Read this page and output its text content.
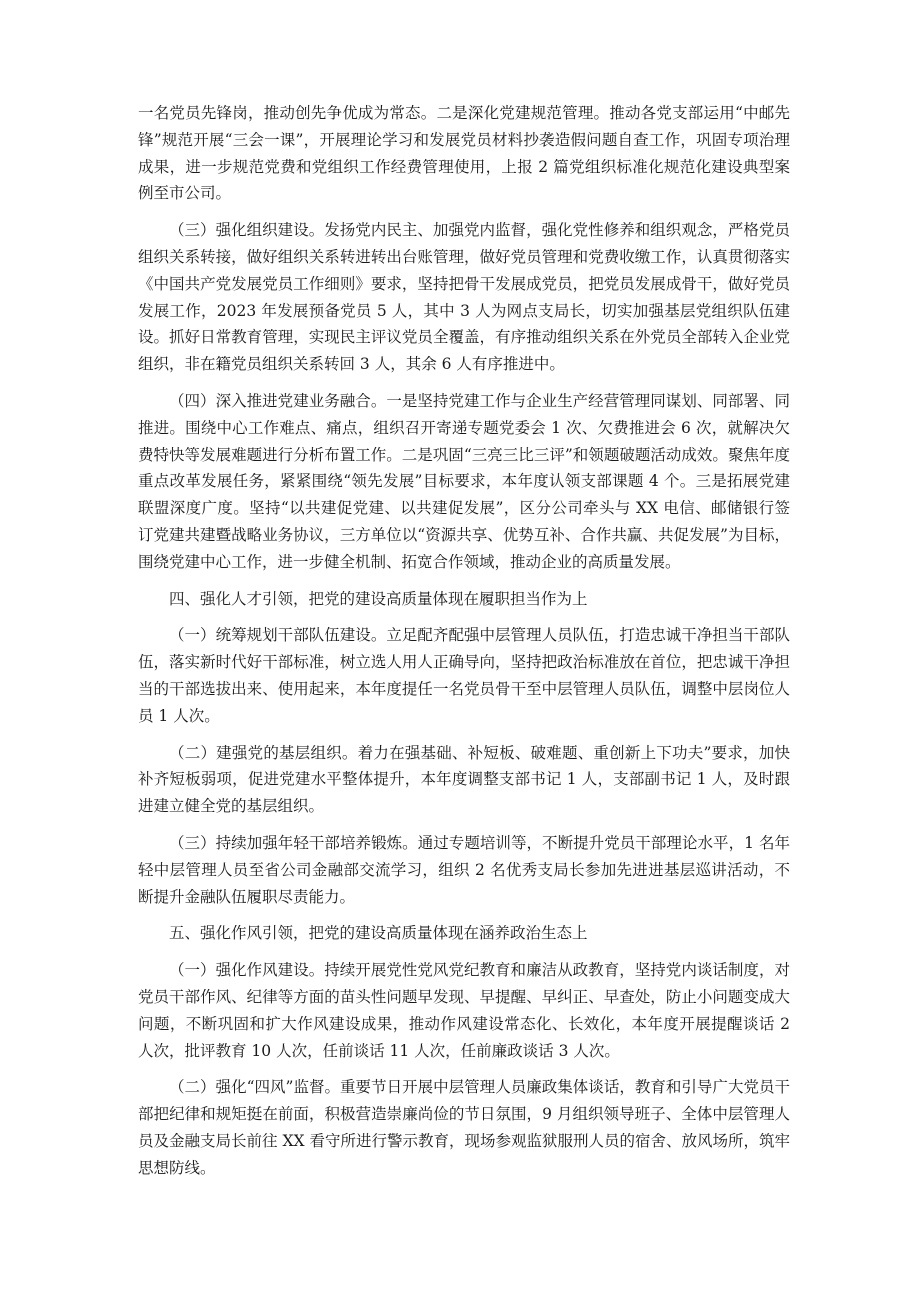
一名党员先锋岗，推动创先争优成为常态。二是深化党建规范管理。推动各党支部运用“中邮先锋”规范开展“三会一课”，开展理论学习和发展党员材料抄袭造假问题自查工作，巩固专项治理成果，进一步规范党费和党组织工作经费管理使用，上报 2 篇党组织标准化规范化建设典型案例至市公司。

（三）强化组织建设。发扬党内民主、加强党内监督，强化党性修养和组织观念，严格党员组织关系转接，做好组织关系转进转出台账管理，做好党员管理和党费收缴工作，认真贯彻落实《中国共产党发展党员工作细则》要求，坚持把骨干发展成党员，把党员发展成骨干，做好党员发展工作，2023 年发展预备党员 5 人，其中 3 人为网点支局长，切实加强基层党组织队伍建设。抓好日常教育管理，实现民主评议党员全覆盖，有序推动组织关系在外党员全部转入企业党组织，非在籍党员组织关系转回 3 人，其余 6 人有序推进中。

（四）深入推进党建业务融合。一是坚持党建工作与企业生产经营管理同谋划、同部署、同推进。围绕中心工作难点、痛点，组织召开寄递专题党委会 1 次、欠费推进会 6 次，就解决欠费特快等发展难题进行分析布置工作。二是巩固“三亮三比三评”和领题破题活动成效。聚焦年度重点改革发展任务，紧紧围绕“领先发展”目标要求，本年度认领支部课题 4 个。三是拓展党建联盟深度广度。坚持“以共建促党建、以共建促发展”，区分公司牵头与 XX 电信、邮储银行签订党建共建暨战略业务协议，三方单位以“资源共享、优势互补、合作共赢、共促发展”为目标，围绕党建中心工作，进一步健全机制、拓宽合作领域，推动企业的高质量发展。

四、强化人才引领，把党的建设高质量体现在履职担当作为上

（一）统筹规划干部队伍建设。立足配齐配强中层管理人员队伍，打造忠诚干净担当干部队伍，落实新时代好干部标准，树立选人用人正确导向，坚持把政治标准放在首位，把忠诚干净担当的干部选拔出来、使用起来，本年度提任一名党员骨干至中层管理人员队伍，调整中层岗位人员 1 人次。

（二）建强党的基层组织。着力在强基础、补短板、破难题、重创新上下功夫”要求，加快补齐短板弱项，促进党建水平整体提升，本年度调整支部书记 1 人，支部副书记 1 人，及时跟进建立健全党的基层组织。

（三）持续加强年轻干部培养锻炼。通过专题培训等，不断提升党员干部理论水平，1 名年轻中层管理人员至省公司金融部交流学习，组织 2 名优秀支局长参加先进进基层巡讲活动，不断提升金融队伍履职尽责能力。

五、强化作风引领，把党的建设高质量体现在涵养政治生态上

（一）强化作风建设。持续开展党性党风党纪教育和廉洁从政教育，坚持党内谈话制度，对党员干部作风、纪律等方面的苗头性问题早发现、早提醒、早纠正、早查处，防止小问题变成大问题，不断巩固和扩大作风建设成果，推动作风建设常态化、长效化，本年度开展提醒谈话 2 人次，批评教育 10 人次，任前谈话 11 人次，任前廉政谈话 3 人次。

（二）强化“四风”监督。重要节日开展中层管理人员廉政集体谈话，教育和引导广大党员干部把纪律和规矩挺在前面，积极营造崇廉尚俭的节日氛围，9 月组织领导班子、全体中层管理人员及金融支局长前往 XX 看守所进行警示教育，现场参观监狱服刑人员的宿舍、放风场所，筑牢思想防线。
